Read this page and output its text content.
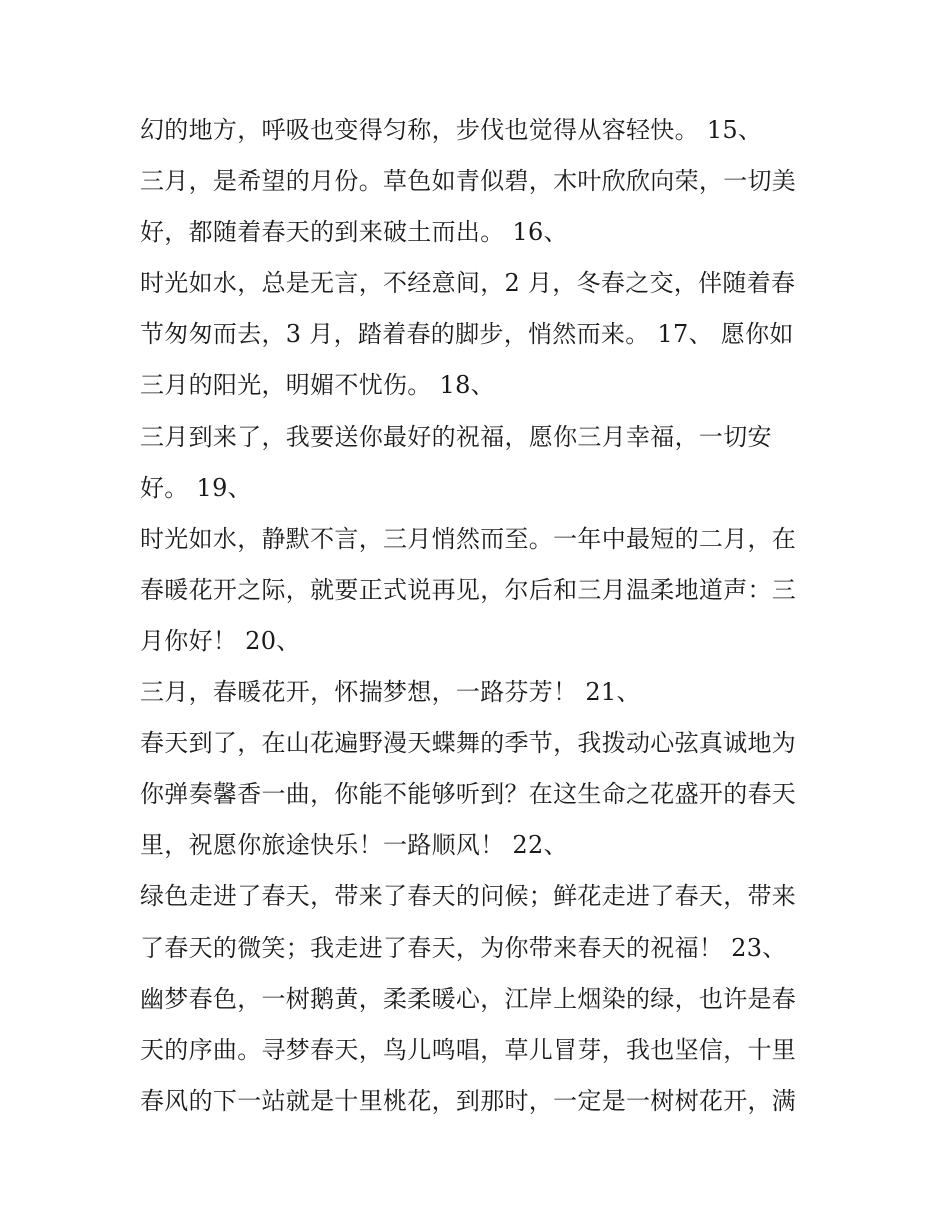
幻的地方，呼吸也变得匀称，步伐也觉得从容轻快。 15、
三月，是希望的月份。草色如青似碧，木叶欣欣向荣，一切美
好，都随着春天的到来破土而出。 16、
时光如水，总是无言，不经意间，2 月，冬春之交，伴随着春
节匆匆而去，3 月，踏着春的脚步，悄然而来。 17、 愿你如
三月的阳光，明媚不忧伤。 18、
三月到来了，我要送你最好的祝福，愿你三月幸福，一切安
好。 19、
时光如水，静默不言，三月悄然而至。一年中最短的二月，在
春暖花开之际，就要正式说再见，尔后和三月温柔地道声：三
月你好！ 20、
三月，春暖花开，怀揣梦想，一路芬芳！ 21、
春天到了，在山花遍野漫天蝶舞的季节，我拨动心弦真诚地为
你弹奏馨香一曲，你能不能够听到？在这生命之花盛开的春天
里，祝愿你旅途快乐！一路顺风！ 22、
绿色走进了春天，带来了春天的问候；鲜花走进了春天，带来
了春天的微笑；我走进了春天，为你带来春天的祝福！ 23、
幽梦春色，一树鹅黄，柔柔暖心，江岸上烟染的绿，也许是春
天的序曲。寻梦春天，鸟儿鸣唱，草儿冒芽，我也坚信，十里
春风的下一站就是十里桃花，到那时，一定是一树树花开，满
